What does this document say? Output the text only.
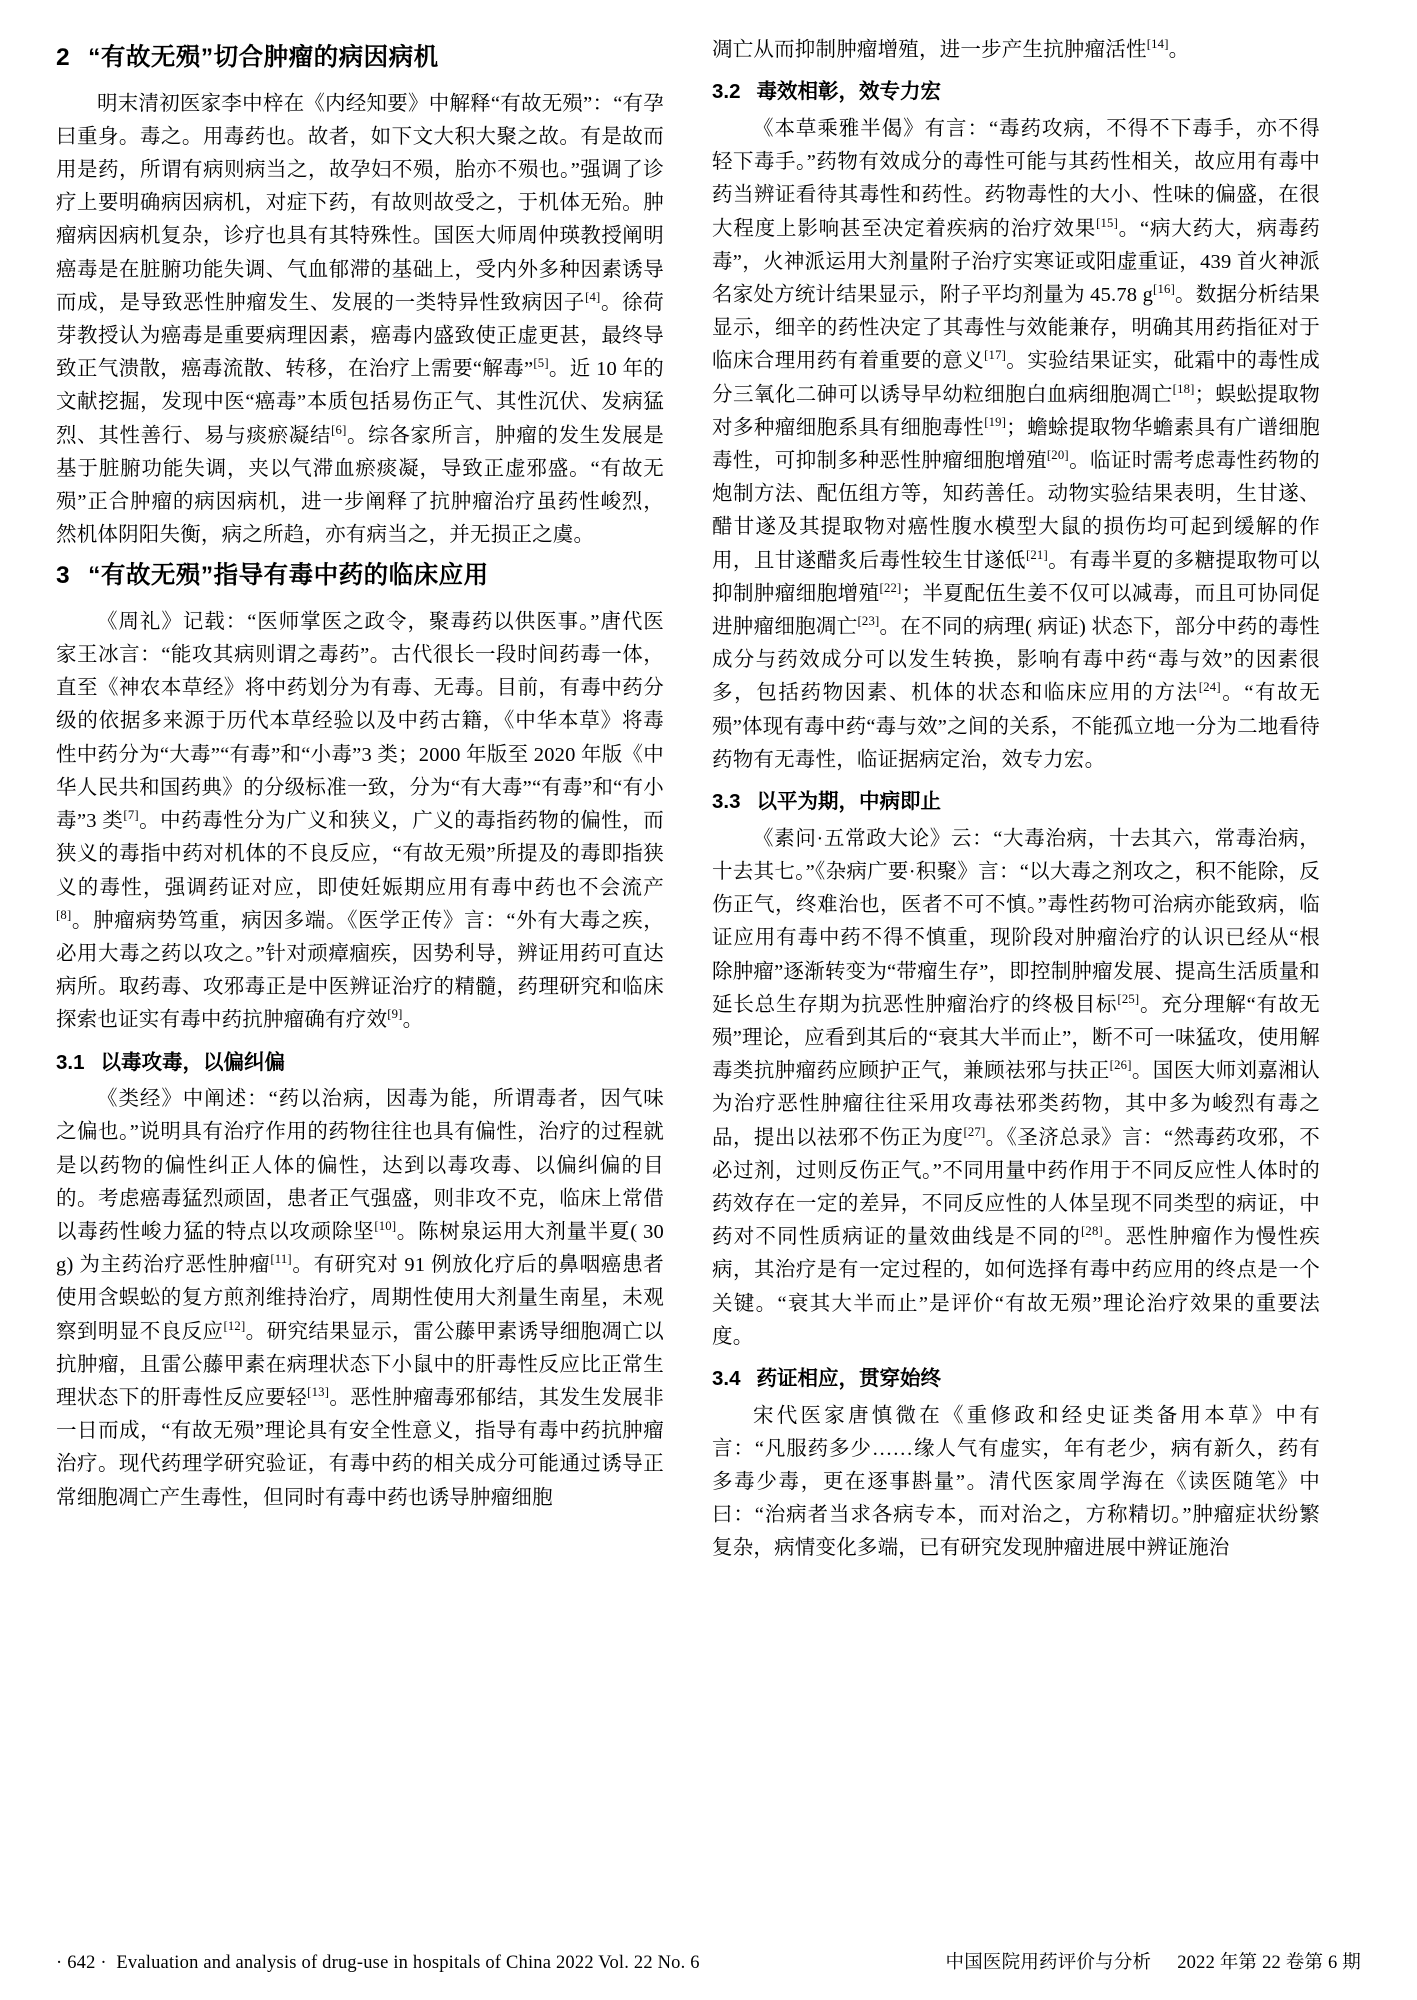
2 “有故无殒”切合肿瘤的病因病机

明末清初医家李中梓在《内经知要》中解释“有故无殒”：“有孕曰重身。毒之。用毒药也。故者，如下文大积大聚之故。有是故而用是药，所谓有病则病当之，故孕妇不殒，胎亦不殒也。”强调了诊疗上要明确病因病机，对症下药，有故则故受之，于机体无殆。肿瘤病因病机复杂，诊疗也具有其特殊性。国医大师周仲瑛教授阐明癌毒是在脏腑功能失调、气血郁滞的基础上，受内外多种因素诱导而成，是导致恶性肿瘤发生、发展的一类特异性致病因子[4]。徐荷芽教授认为癌毒是重要病理因素，癌毒内盛致使正虚更甚，最终导致正气溃散，癌毒流散、转移，在治疗上需要“解毒”[5]。近 10 年的文献挖掘，发现中医“癌毒”本质包括易伤正气、其性沉伏、发病猛烈、其性善行、易与痰瘀凝结[6]。综各家所言，肿瘤的发生发展是基于脏腑功能失调，夹以气滞血瘀痰凝，导致正虚邪盛。“有故无殒”正合肿瘤的病因病机，进一步阐释了抗肿瘤治疗虽药性峻烈，然机体阴阳失衡，病之所趋，亦有病当之，并无损正之虞。

3 “有故无殒”指导有毒中药的临床应用

《周礼》记载：“医师掌医之政令，聚毒药以供医事。”唐代医家王冰言：“能攻其病则谓之毒药”。古代很长一段时间药毒一体，直至《神农本草经》将中药划分为有毒、无毒。目前，有毒中药分级的依据多来源于历代本草经验以及中药古籍，《中华本草》将毒性中药分为“大毒”“有毒”和“小毒”3 类；2000 年版至 2020 年版《中华人民共和国药典》的分级标准一致，分为“有大毒”“有毒”和“有小毒”3 类[7]。中药毒性分为广义和狭义，广义的毒指药物的偏性，而狭义的毒指中药对机体的不良反应，“有故无殒”所提及的毒即指狭义的毒性，强调药证对应，即使妊娠期应用有毒中药也不会流产[8]。肿瘤病势笃重，病因多端。《医学正传》言：“外有大毒之疾，必用大毒之药以攻之。”针对顽瘴痼疾，因势利导，辨证用药可直达病所。取药毒、攻邪毒正是中医辨证治疗的精髓，药理研究和临床探索也证实有毒中药抗肿瘤确有疗效[9]。

3.1 以毒攻毒，以偏纠偏

《类经》中阐述：“药以治病，因毒为能，所谓毒者，因气味之偏也。”说明具有治疗作用的药物往往也具有偏性，治疗的过程就是以药物的偏性纠正人体的偏性，达到以毒攻毒、以偏纠偏的目的。考虑癌毒猛烈顽固，患者正气强盛，则非攻不克，临床上常借以毒药性峻力猛的特点以攻顽除坚[10]。陈树泉运用大剂量半夏( 30 g) 为主药治疗恶性肿瘤[11]。有研究对 91 例放化疗后的鼻咽癌患者使用含蜈蚣的复方煎剂维持治疗，周期性使用大剂量生南星，未观察到明显不良反应[12]。研究结果显示，雷公藤甲素诱导细胞凋亡以抗肿瘤，且雷公藤甲素在病理状态下小鼠中的肝毒性反应比正常生理状态下的肝毒性反应要轻[13]。恶性肿瘤毒邪郁结，其发生发展非一日而成，“有故无殒”理论具有安全性意义，指导有毒中药抗肿瘤治疗。现代药理学研究验证，有毒中药的相关成分可能通过诱导正常细胞凋亡产生毒性，但同时有毒中药也诱导肿瘤细胞

凋亡从而抑制肿瘤增殖，进一步产生抗肿瘤活性[14]。

3.2 毒效相彰，效专力宏

《本草乘雅半偈》有言：“毒药攻病，不得不下毒手，亦不得轻下毒手。”药物有效成分的毒性可能与其药性相关，故应用有毒中药当辨证看待其毒性和药性。药物毒性的大小、性味的偏盛，在很大程度上影响甚至决定着疾病的治疗效果[15]。“病大药大，病毒药毒”，火神派运用大剂量附子治疗实寒证或阳虚重证，439 首火神派名家处方统计结果显示，附子平均剂量为 45.78 g[16]。数据分析结果显示，细辛的药性决定了其毒性与效能兼存，明确其用药指征对于临床合理用药有着重要的意义[17]。实验结果证实，砒霜中的毒性成分三氧化二砷可以诱导早幼粒细胞白血病细胞凋亡[18]；蜈蚣提取物对多种瘤细胞系具有细胞毒性[19]；蟾蜍提取物华蟾素具有广谱细胞毒性，可抑制多种恶性肿瘤细胞增殖[20]。临证时需考虑毒性药物的炮制方法、配伍组方等，知药善任。动物实验结果表明，生甘遂、醋甘遂及其提取物对癌性腹水模型大鼠的损伤均可起到缓解的作用，且甘遂醋炙后毒性较生甘遂低[21]。有毒半夏的多糖提取物可以抑制肿瘤细胞增殖[22]；半夏配伍生姜不仅可以减毒，而且可协同促进肿瘤细胞凋亡[23]。在不同的病理( 病证) 状态下，部分中药的毒性成分与药效成分可以发生转换，影响有毒中药“毒与效”的因素很多，包括药物因素、机体的状态和临床应用的方法[24]。“有故无殒”体现有毒中药“毒与效”之间的关系，不能孤立地一分为二地看待药物有无毒性，临证据病定治，效专力宏。

3.3 以平为期，中病即止

《素问·五常政大论》云：“大毒治病，十去其六，常毒治病，十去其七。”《杂病广要·积聚》言：“以大毒之剂攻之，积不能除，反伤正气，终难治也，医者不可不慎。”毒性药物可治病亦能致病，临证应用有毒中药不得不慎重，现阶段对肿瘤治疗的认识已经从“根除肿瘤”逐渐转变为“带瘤生存”，即控制肿瘤发展、提高生活质量和延长总生存期为抗恶性肿瘤治疗的终极目标[25]。充分理解“有故无殒”理论，应看到其后的“衰其大半而止”，断不可一味猛攻，使用解毒类抗肿瘤药应顾护正气，兼顾祛邪与扶正[26]。国医大师刘嘉湘认为治疗恶性肿瘤往往采用攻毒祛邪类药物，其中多为峻烈有毒之品，提出以祛邪不伤正为度[27]。《圣济总录》言：“然毒药攻邪，不必过剂，过则反伤正气。”不同用量中药作用于不同反应性人体时的药效存在一定的差异，不同反应性的人体呈现不同类型的病证，中药对不同性质病证的量效曲线是不同的[28]。恶性肿瘤作为慢性疾病，其治疗是有一定过程的，如何选择有毒中药应用的终点是一个关键。“衰其大半而止”是评价“有故无殒”理论治疗效果的重要法度。

3.4 药证相应，贯穿始终

宋代医家唐慎微在《重修政和经史证类备用本草》中有言：“凡服药多少……缘人气有虚实，年有老少，病有新久，药有多毒少毒，更在逐事斟量”。清代医家周学海在《读医随笔》中曰：“治病者当求各病专本，而对治之，方称精切。”肿瘤症状纷繁复杂，病情变化多端，已有研究发现肿瘤进展中辨证施治

· 642 ·  Evaluation and analysis of drug-use in hospitals of China 2022 Vol. 22 No. 6	中国医院用药评价与分析 2022 年第 22 卷第 6 期
